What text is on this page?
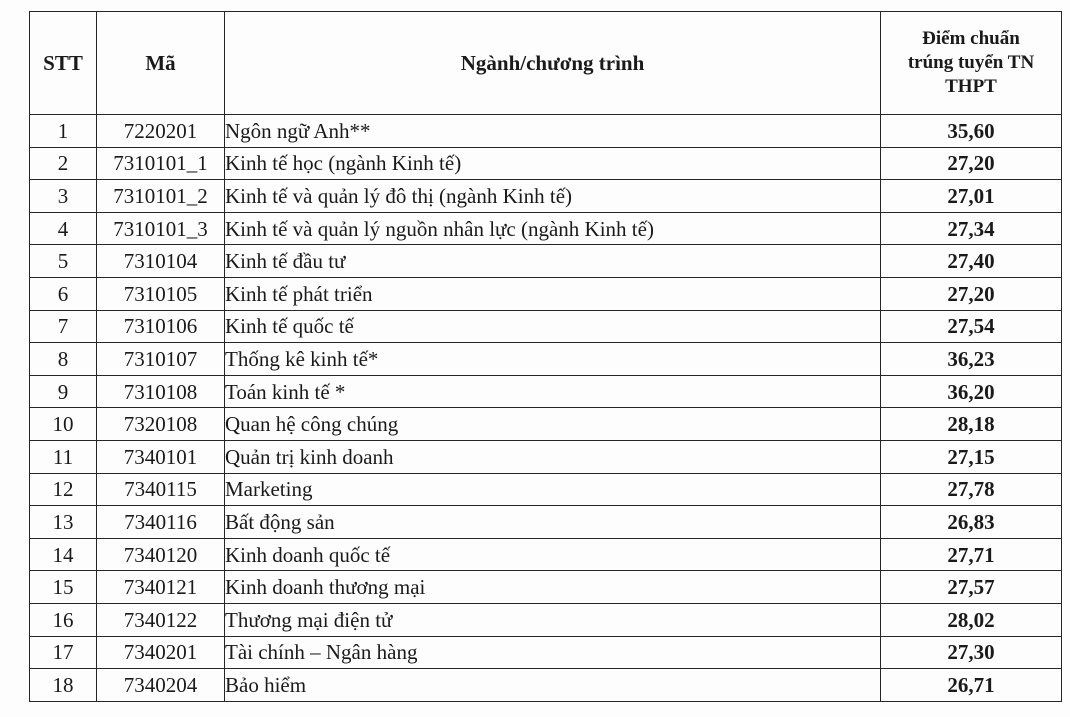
STT	Mã	Ngành/chương trình	Điểm chuẩn
trúng tuyển TN
THPT

1	7220201	Ngôn ngữ Anh**	35,60
2	7310101_1	Kinh tế học (ngành Kinh tế)	27,20
3	7310101_2	Kinh tế và quản lý đô thị (ngành Kinh tế)	27,01
4	7310101_3	Kinh tế và quản lý nguồn nhân lực (ngành Kinh tế)	27,34
5	7310104	Kinh tế đầu tư	27,40
6	7310105	Kinh tế phát triển	27,20
7	7310106	Kinh tế quốc tế	27,54
8	7310107	Thống kê kinh tế*	36,23
9	7310108	Toán kinh tế *	36,20
10	7320108	Quan hệ công chúng	28,18
11	7340101	Quản trị kinh doanh	27,15
12	7340115	Marketing	27,78
13	7340116	Bất động sản	26,83
14	7340120	Kinh doanh quốc tế	27,71
15	7340121	Kinh doanh thương mại	27,57
16	7340122	Thương mại điện tử	28,02
17	7340201	Tài chính – Ngân hàng	27,30
18	7340204	Bảo hiểm	26,71
